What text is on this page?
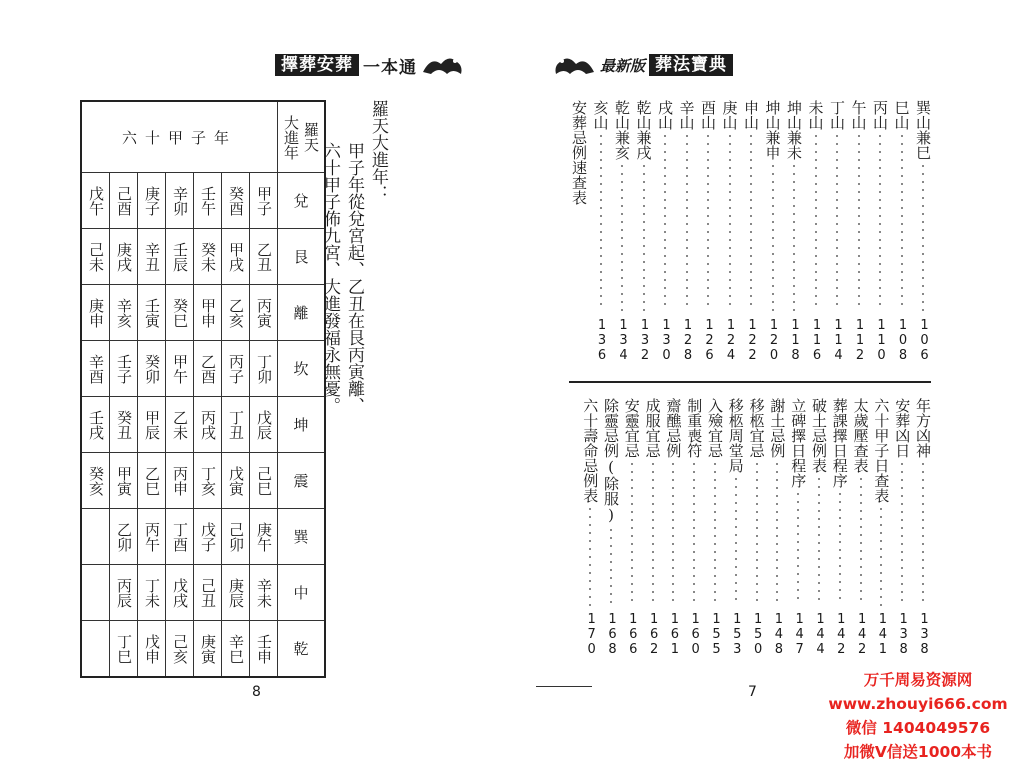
擇葬安葬 一本通
六十甲子年							羅天
大進年

戊午	己酉	庚子	辛卯	壬午	癸酉	甲子	兌

己未	庚戌	辛丑	壬辰	癸未	甲戌	乙丑	艮

庚申	辛亥	壬寅	癸巳	甲申	乙亥	丙寅	離

辛酉	壬子	癸卯	甲午	乙酉	丙子	丁卯	坎

壬戌	癸丑	甲辰	乙未	丙戌	丁丑	戊辰	坤

癸亥	甲寅	乙巳	丙申	丁亥	戊寅	己巳	震

	乙卯	丙午	丁酉	戊子	己卯	庚午	巽

	丙辰	丁未	戊戌	己丑	庚辰	辛未	中

	丁巳	戊申	己亥	庚寅	辛巳	壬申	乾
羅天大進年：
甲子年從兌宮起、乙丑在艮丙寅離、
六十甲子佈九宮、大進發福永無憂。
8
最新版 葬法寶典
7
巽山兼巳
106
巳山
108
丙山
110
午山
112
丁山
114
未山
116
坤山兼未
118
坤山兼申
120
申山
122
庚山
124
酉山
126
辛山
128
戌山
130
乾山兼戌
132
乾山兼亥
134
亥山
136
安葬忌例速查表
年方凶神
138
安葬凶日
138
六十甲子日查表
141
太歲壓查表
142
葬課擇日程序
142
破土忌例表
144
立碑擇日程序
147
謝土忌例
148
移柩宜忌
150
移柩周堂局
153
入殮宜忌
155
制重喪符
160
齋醮忌例
161
成服宜忌
162
安靈宜忌
166
除靈忌例(除服)
168
六十壽命忌例表
170
万千周易资源网
www.zhouyi666.com
微信 1404049576
加微V信送1000本书
